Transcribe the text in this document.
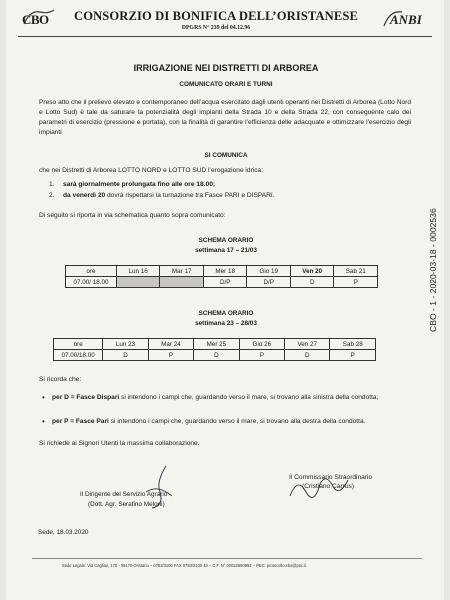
CBO	CONSORZIO DI BONIFICA DELL’ORISTANESE
DPGRS N° 239 del 04.12.96
ANBI
IRRIGAZIONE NEI DISTRETTI DI ARBOREA
COMUNICATO ORARI E TURNI
Preso atto che il prelievo elevato e contemporaneo dell’acqua esercitato dagli utenti operanti nei Distretti di Arborea (Lotto Nord e Lotto Sud) è tale da saturare la potenzialità degli impianti della Strada 10 e della Strada 22, con conseguente calo dei parametri di esercizio (pressione e portata), con la finalità di garantire l’efficienza delle adacquate e ottimizzare l’esercizio degli impianti
SI COMUNICA
che nei Distretti di Arborea LOTTO NORD e LOTTO SUD l’erogazione idrica:
1. sarà giornalmente prolungata fino alle ore 18.00;
2. da venerdì 20 dovrà rispettarsi la turnazione tra Fasce PARI e DISPARI.
Di seguito si riporta in via schematica quanto sopra comunicato:
SCHEMA ORARIO
settimana 17 – 21/03
ore	Lun 16	Mar 17	Mer 18	Gio 19	Ven 20	Sab 21
07.00/ 18.00			D/P	D/P	D	P
SCHEMA ORARIO
settimana 23 – 28/03
ore	Lun 23	Mar 24	Mer 25	Gio 26	Ven 27	Sab 28
07.00/18.00	D	P	D	P	D	P
Si ricorda che:
• per D = Fasce Dispari si intendono i campi che, guardando verso il mare, si trovano alla sinistra della condotta;
• per P = Fasce Pari si intendono i campi che, guardando verso il mare, si trovano alla destra della condotta.
Si richiede ai Signori Utenti la massima collaborazione.
Il Commissario Straordinario
(Cristiano Carrus)
Il Dirigente del Servizio Agrario
(Dott. Agr. Serafino Meloni)
Sede, 18.03.2020
Sede Legale: Via Cagliari, 170 - 09170 Oristano – 0783/3100 FAX 0783/3100 43 – C.F. N° 00022690952 – PEC: protocollo.cbo@pec.it
CBO - 1 - 2020-03-18 - 0002536
